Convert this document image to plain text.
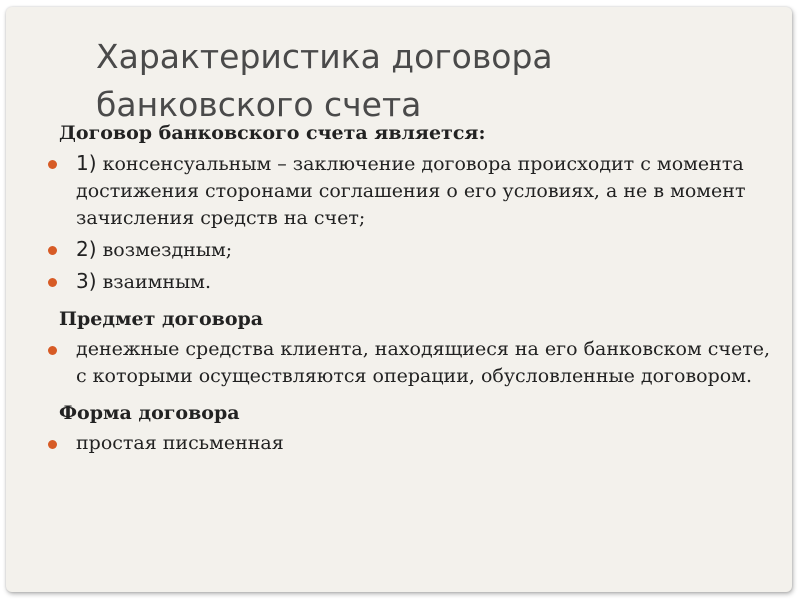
Характеристика договора банковского счета

Договор банковского счета является:

1) консенсуальным – заключение договора происходит с момента достижения сторонами соглашения о его условиях, а не в момент зачисления средств на счет;

2) возмездным;

3) взаимным.

Предмет договора

денежные средства клиента, находящиеся на его банковском счете, с которыми осуществляются операции, обусловленные договором.

Форма договора

простая письменная
